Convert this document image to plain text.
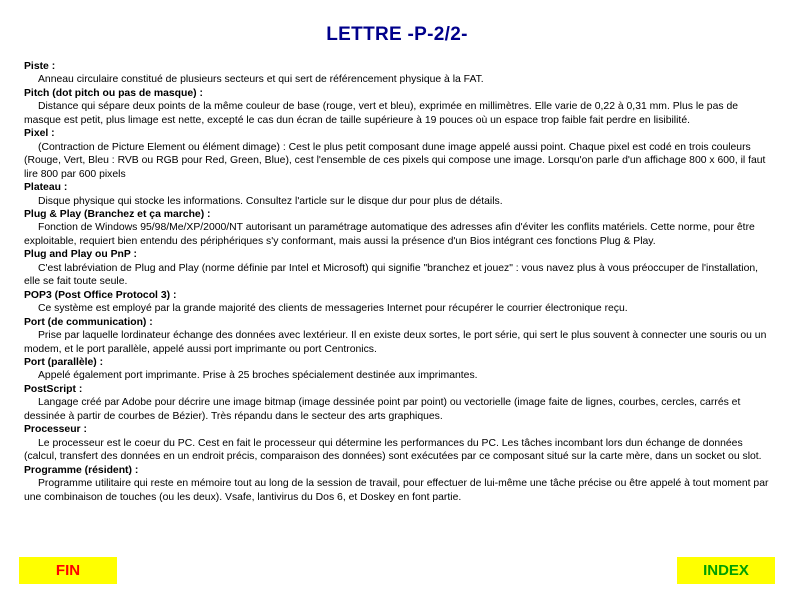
LETTRE -P-2/2-
Piste :
Anneau circulaire constitué de plusieurs secteurs et qui sert de référencement physique à la FAT.
Pitch (dot pitch ou pas de masque) :
Distance qui sépare deux points de la même couleur de base (rouge, vert et bleu), exprimée en millimètres. Elle varie de 0,22 à 0,31 mm. Plus le pas de masque est petit, plus limage est nette, excepté le cas dun écran de taille supérieure à 19 pouces où un espace trop faible fait perdre en lisibilité.
Pixel :
(Contraction de Picture Element ou élément dimage) : Cest le plus petit composant dune image appelé aussi point. Chaque pixel est codé en trois couleurs (Rouge, Vert, Bleu : RVB ou RGB pour Red, Green, Blue), cest l'ensemble de ces pixels qui compose une image. Lorsqu'on parle d'un affichage 800 x 600, il faut lire 800 par 600 pixels
Plateau :
Disque physique qui stocke les informations. Consultez l'article sur le disque dur pour plus de détails.
Plug & Play (Branchez et ça marche) :
Fonction de Windows 95/98/Me/XP/2000/NT autorisant un paramétrage automatique des adresses afin d'éviter les conflits matériels. Cette norme, pour être exploitable, requiert bien entendu des périphériques s'y conformant, mais aussi la présence d'un Bios intégrant ces fonctions Plug & Play.
Plug and Play ou PnP :
C'est labréviation de Plug and Play (norme définie par Intel et Microsoft) qui signifie "branchez et jouez" : vous navez plus à vous préoccuper de l'installation, elle se fait toute seule.
POP3 (Post Office Protocol 3) :
Ce système est employé par la grande majorité des clients de messageries Internet pour récupérer le courrier électronique reçu.
Port (de communication) :
Prise par laquelle lordinateur échange des données avec lextérieur. Il en existe deux sortes, le port série, qui sert le plus souvent à connecter une souris ou un modem, et le port parallèle, appelé aussi port imprimante ou port Centronics.
Port (parallèle) :
Appelé également port imprimante. Prise à 25 broches spécialement destinée aux imprimantes.
PostScript :
Langage créé par Adobe pour décrire une image bitmap (image dessinée point par point) ou vectorielle (image faite de lignes, courbes, cercles, carrés et dessinée à partir de courbes de Bézier). Très répandu dans le secteur des arts graphiques.
Processeur :
Le processeur est le coeur du PC. Cest en fait le processeur qui détermine les performances du PC. Les tâches incombant lors dun échange de données (calcul, transfert des données en un endroit précis, comparaison des données) sont exécutées par ce composant situé sur la carte mère, dans un socket ou slot.
Programme (résident) :
Programme utilitaire qui reste en mémoire tout au long de la session de travail, pour effectuer de lui-même une tâche précise ou être appelé à tout moment par une combinaison de touches (ou les deux). Vsafe, lantivirus du Dos 6, et Doskey en font partie.
FIN	INDEX
